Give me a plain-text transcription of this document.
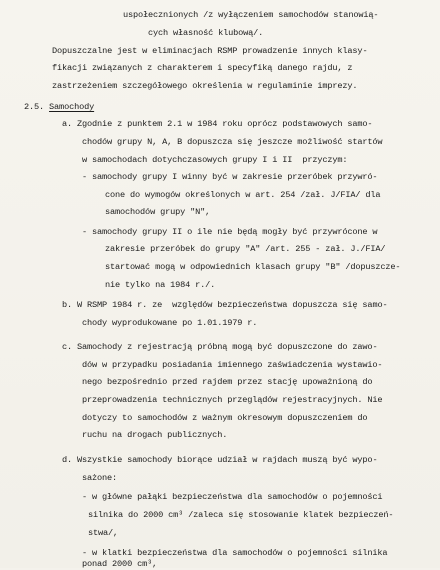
uspołecznionych /z wyłączeniem samochodów stanowią-
cych własność klubową/.
Dopuszczalne jest w eliminacjach RSMP prowadzenie innych klasy-
fikacji związanych z charakterem i specyfiką danego rajdu, z
zastrzeżeniem szczegółowego określenia w regulaminie imprezy.
2.5. Samochody
a. Zgodnie z punktem 2.1 w 1984 roku oprócz podstawowych samo-
chodów grupy N, A, B dopuszcza się jeszcze możliwość startów
w samochodach dotychczasowych grupy I i II  przyczym:
- samochody grupy I winny być w zakresie przeróbek przywró-
cone do wymogów określonych w art. 254 /zał. J/FIA/ dla
samochodów grupy "N",
- samochody grupy II o ile nie będą mogły być przywrócone w
zakresie przeróbek do grupy "A" /art. 255 - zał. J./FIA/
startować mogą w odpowiednich klasach grupy "B" /dopuszcze-
nie tylko na 1984 r./.
b. W RSMP 1984 r. ze  względów bezpieczeństwa dopuszcza się samo-
chody wyprodukowane po 1.01.1979 r.
c. Samochody z rejestracją próbną mogą być dopuszczone do zawo-
dów w przypadku posiadania imiennego zaświadczenia wystawio-
nego bezpośrednio przed rajdem przez stację upoważnioną do
przeprowadzenia technicznych przeglądów rejestracyjnych. Nie
dotyczy to samochodów z ważnym okresowym dopuszczeniem do
ruchu na drogach publicznych.
d. Wszystkie samochody biorące udział w rajdach muszą być wypo-
sażone:
- w główne pałąki bezpieczeństwa dla samochodów o pojemności
silnika do 2000 cm³ /zaleca się stosowanie klatek bezpieczeń-
stwa/,
- w klatki bezpieczeństwa dla samochodów o pojemności silnika
ponad 2000 cm³,
